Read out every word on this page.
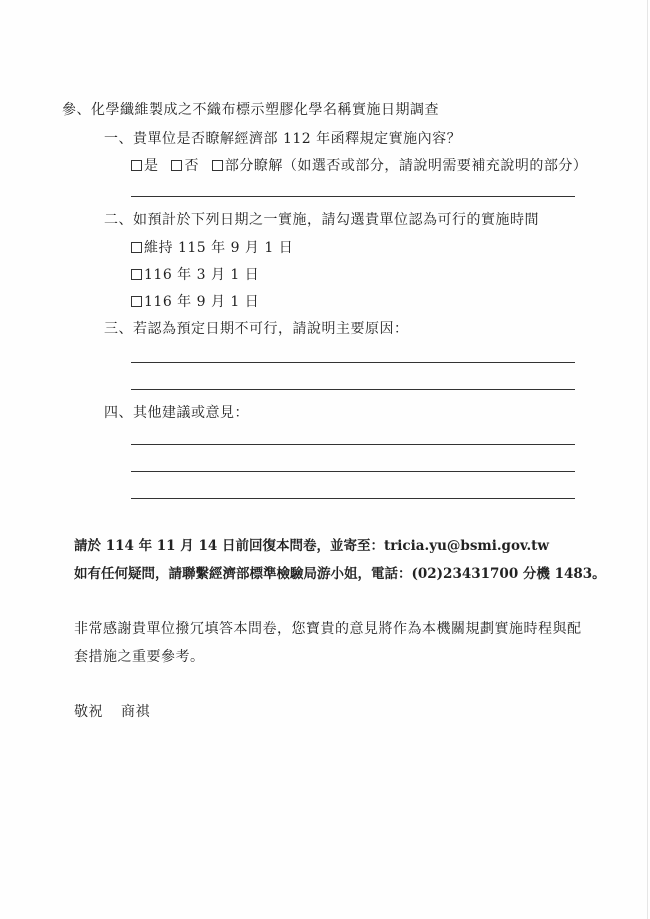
參、化學纖維製成之不織布標示塑膠化學名稱實施日期調查
一、貴單位是否瞭解經濟部 112 年函釋規定實施內容？
是 否 部分瞭解（如選否或部分，請說明需要補充說明的部分）
二、如預計於下列日期之一實施，請勾選貴單位認為可行的實施時間
維持 115 年 9 月 1 日
116 年 3 月 1 日
116 年 9 月 1 日
三、若認為預定日期不可行，請說明主要原因：
四、其他建議或意見：
請於 114 年 11 月 14 日前回復本問卷，並寄至：tricia.yu@bsmi.gov.tw
如有任何疑問，請聯繫經濟部標準檢驗局游小姐，電話：(02)23431700 分機 1483。
非常感謝貴單位撥冗填答本問卷，您寶貴的意見將作為本機關規劃實施時程與配
套措施之重要參考。
敬祝 商祺
